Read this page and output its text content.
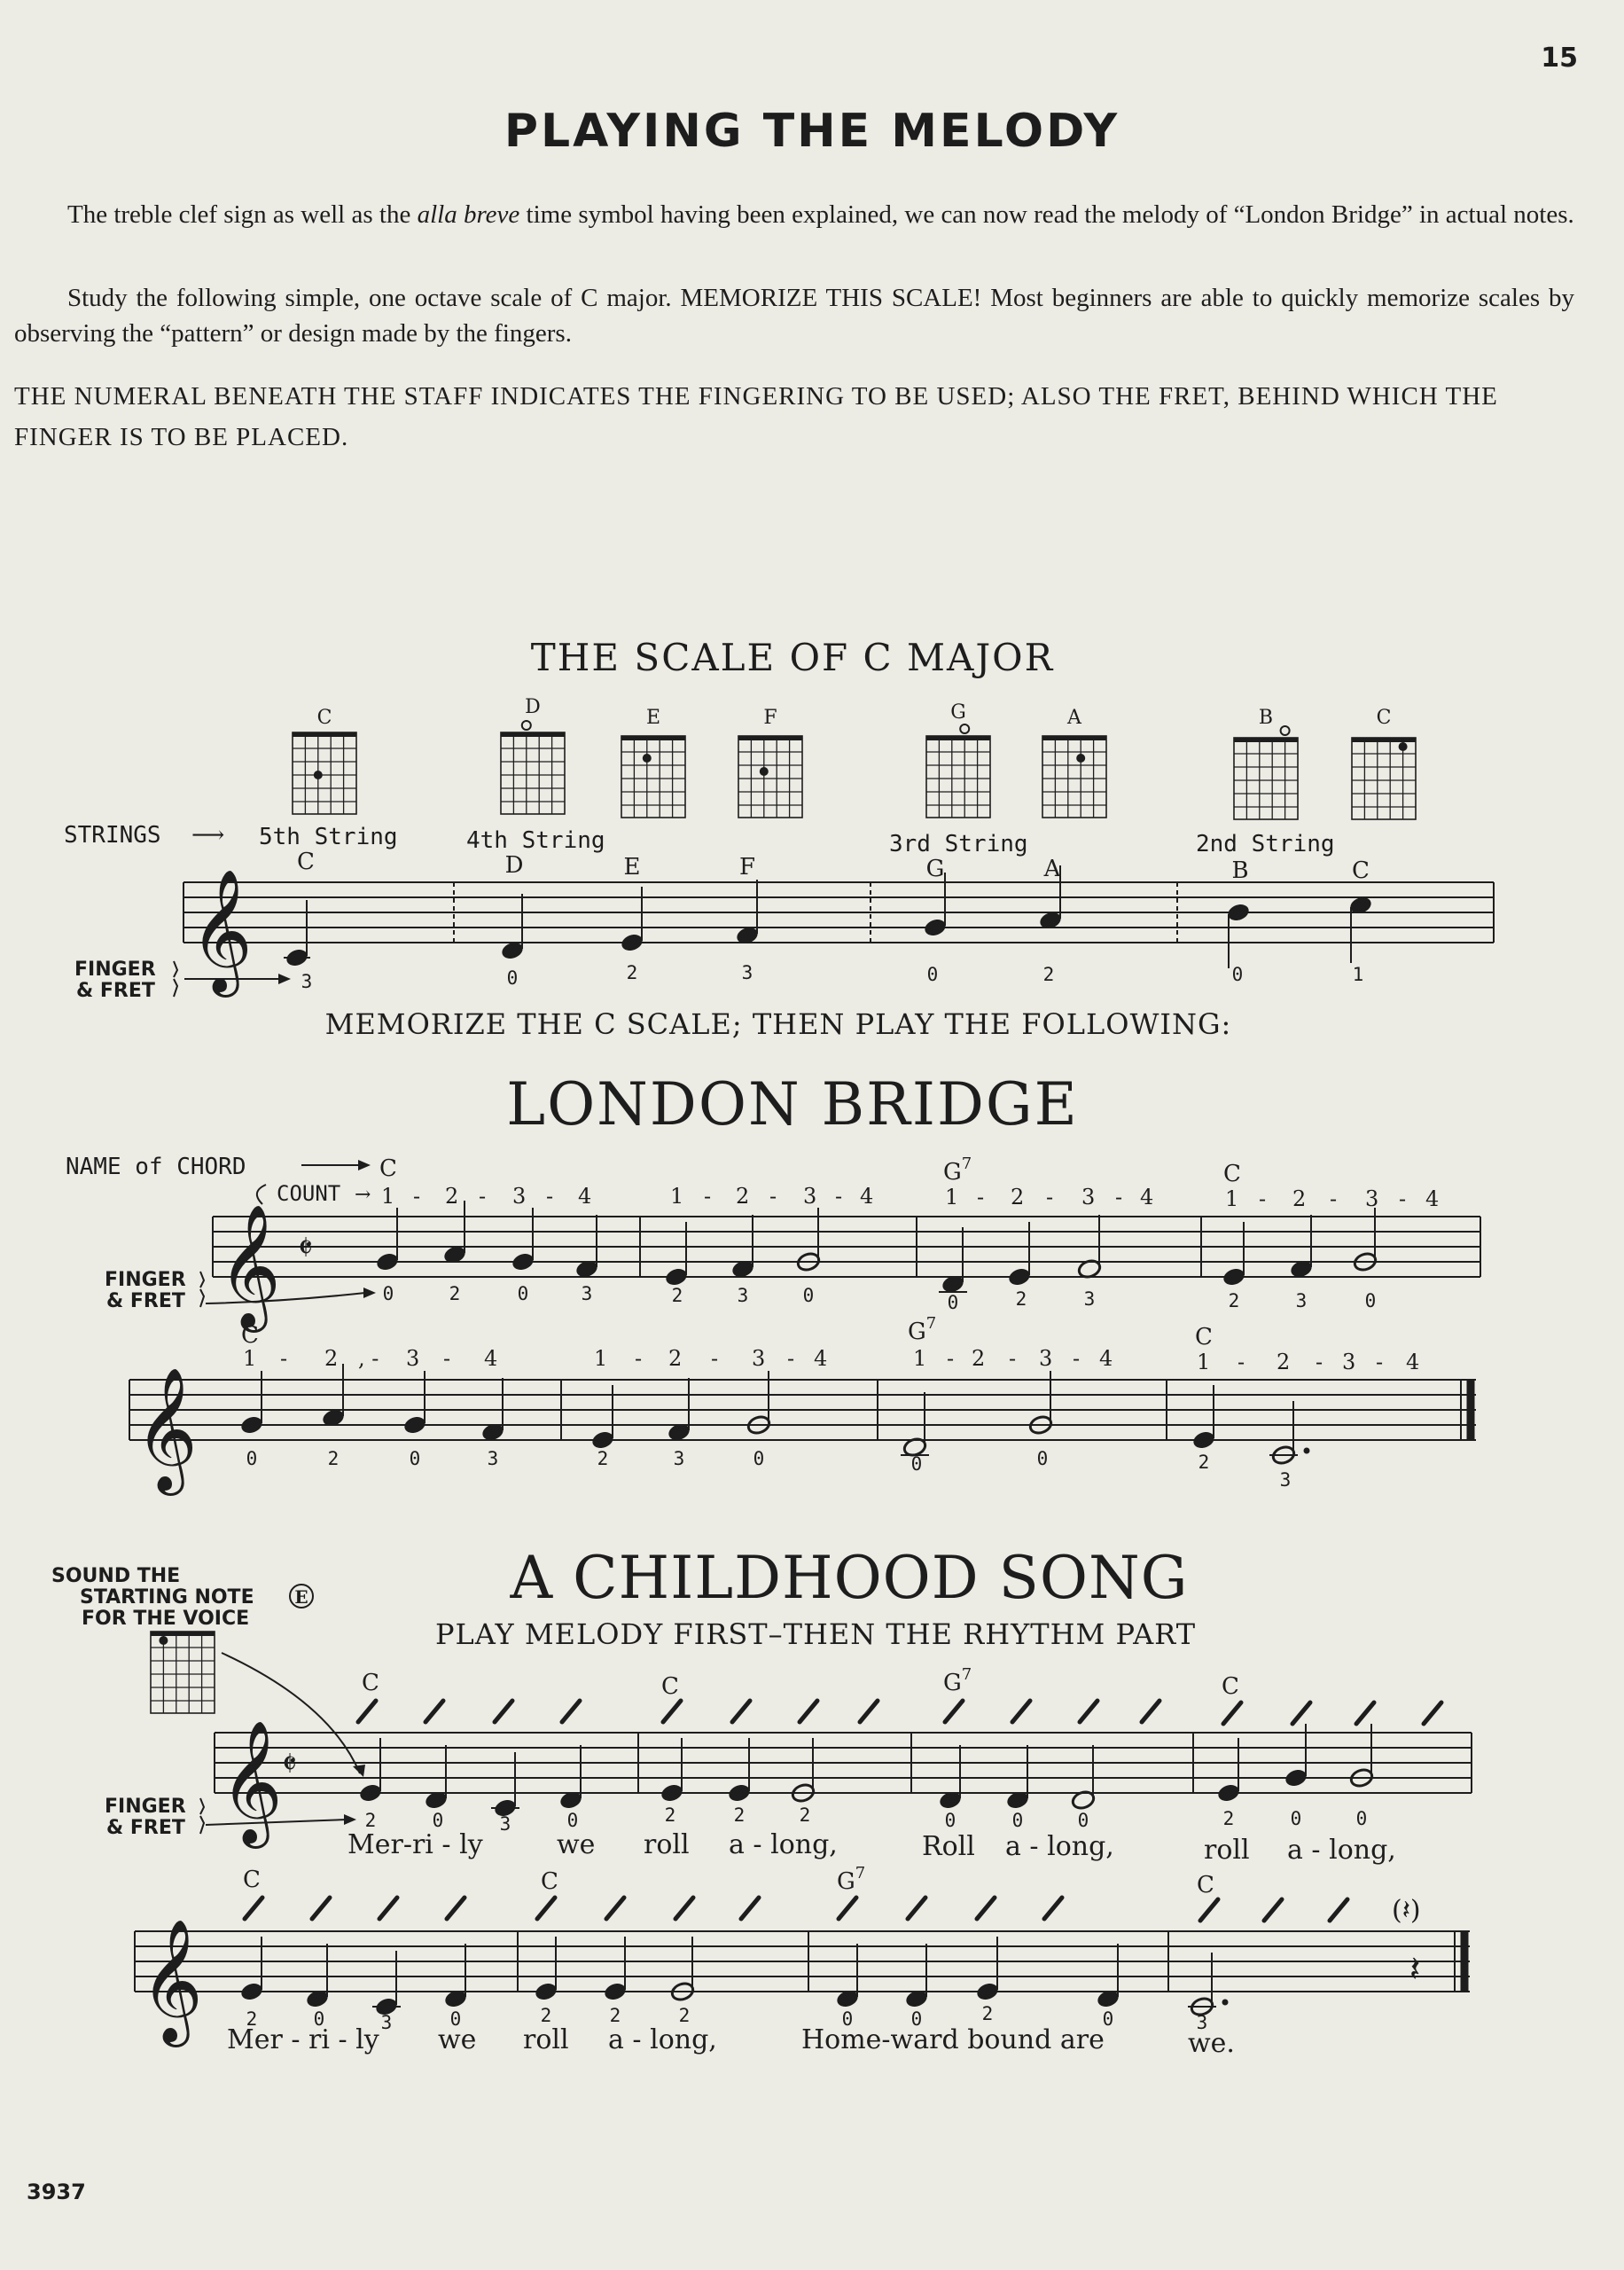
15
PLAYING THE MELODY
The treble clef sign as well as the alla breve time symbol having been explained, we can now read the melody of “London Bridge” in actual notes.
Study the following simple, one octave scale of C major. MEMORIZE THIS SCALE! Most beginners are able to quickly memorize scales by observing the “pattern” or design made by the fingers.
THE NUMERAL BENEATH THE STAFF INDICATES THE FINGERING TO BE USED; ALSO THE FRET, BEHIND WHICH THE FINGER IS TO BE PLACED.
THE SCALE OF C MAJOR
C	D	E	F	G	A	B	C
STRINGS ⟶ 5th String	4th String	3rd String	2nd String
𝄞
C	D	E	F	G	A	B	C
FINGER
& FRET	3	0	2	3	0	2	0	1
MEMORIZE THE C SCALE; THEN PLAY THE FOLLOWING:
LONDON BRIDGE
NAME of CHORD	C	$G^7$	C
COUNT → 1 - 2 - 3 - 4	1 - 2 - 3 - 4	1 - 2 - 3 - 4	1 - 2 - 3 - 4
𝄞 𝄵
FINGER
& FRET	0	2	0	3	2	3	0	0	2	3	2	3	0
C	$G^7$
C
1 - 2 , - 3 - 4	1 - 2 - 3 - 4	1 - 2 - 3 - 4	1 - 2 - 3 - 4
𝄞	0	2	0	3	2	3	0	0	0	2
3
A CHILDHOOD SONG
PLAY MELODY FIRST–THEN THE RHYTHM PART
SOUND THE
STARTING NOTE E
FOR THE VOICE
C	C	$G^7$	C
𝄞 𝄵
FINGER
& FRET	2	0	3	0	2	2	2	0	0	0	2	0	0
Mer-ri - ly	we roll a - long,	Roll a - long,	roll a - long,
C	C	$G^7$	C
(𝄽)
𝄞	𝄽
2	0	3	0	2	2	2	0	0	2	0	3
Mer - ri - ly we roll a - long,	Home-ward bound are	we.
3937
